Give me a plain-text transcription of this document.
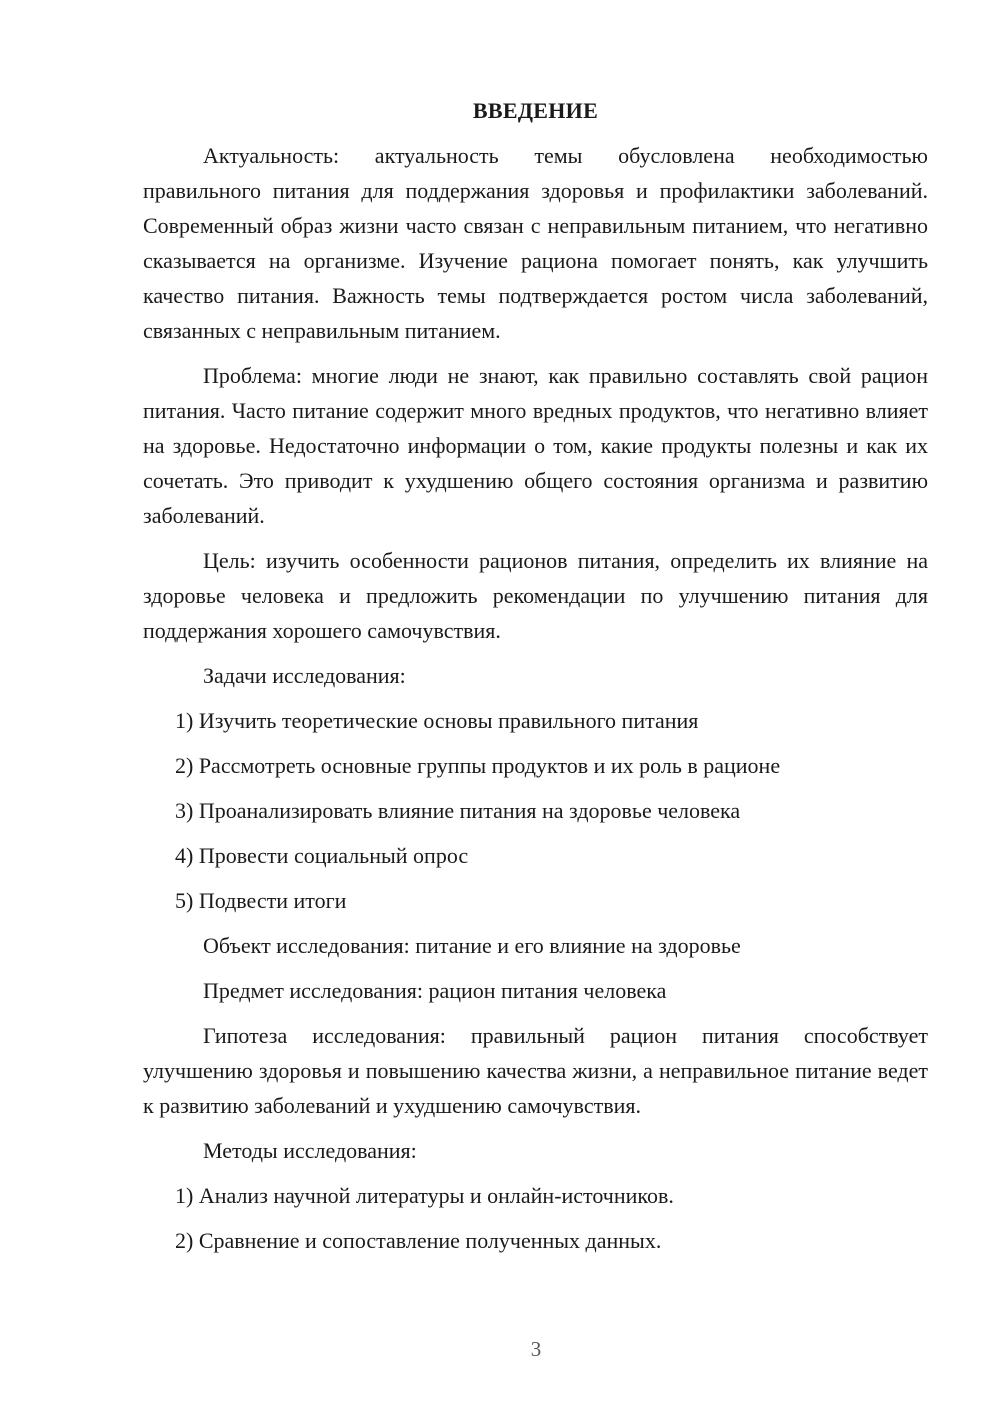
ВВЕДЕНИЕ

Актуальность: актуальность темы обусловлена необходимостью правильного питания для поддержания здоровья и профилактики заболеваний. Современный образ жизни часто связан с неправильным питанием, что негативно сказывается на организме. Изучение рациона помогает понять, как улучшить качество питания. Важность темы подтверждается ростом числа заболеваний, связанных с неправильным питанием.

Проблема: многие люди не знают, как правильно составлять свой рацион питания. Часто питание содержит много вредных продуктов, что негативно влияет на здоровье. Недостаточно информации о том, какие продукты полезны и как их сочетать. Это приводит к ухудшению общего состояния организма и развитию заболеваний.

Цель: изучить особенности рационов питания, определить их влияние на здоровье человека и предложить рекомендации по улучшению питания для поддержания хорошего самочувствия.

Задачи исследования:
1) Изучить теоретические основы правильного питания
2) Рассмотреть основные группы продуктов и их роль в рационе
3) Проанализировать влияние питания на здоровье человека
4) Провести социальный опрос
5) Подвести итоги
Объект исследования: питание и его влияние на здоровье
Предмет исследования: рацион питания человека

Гипотеза исследования: правильный рацион питания способствует улучшению здоровья и повышению качества жизни, а неправильное питание ведет к развитию заболеваний и ухудшению самочувствия.

Методы исследования:
1) Анализ научной литературы и онлайн-источников.
2) Сравнение и сопоставление полученных данных.
3
